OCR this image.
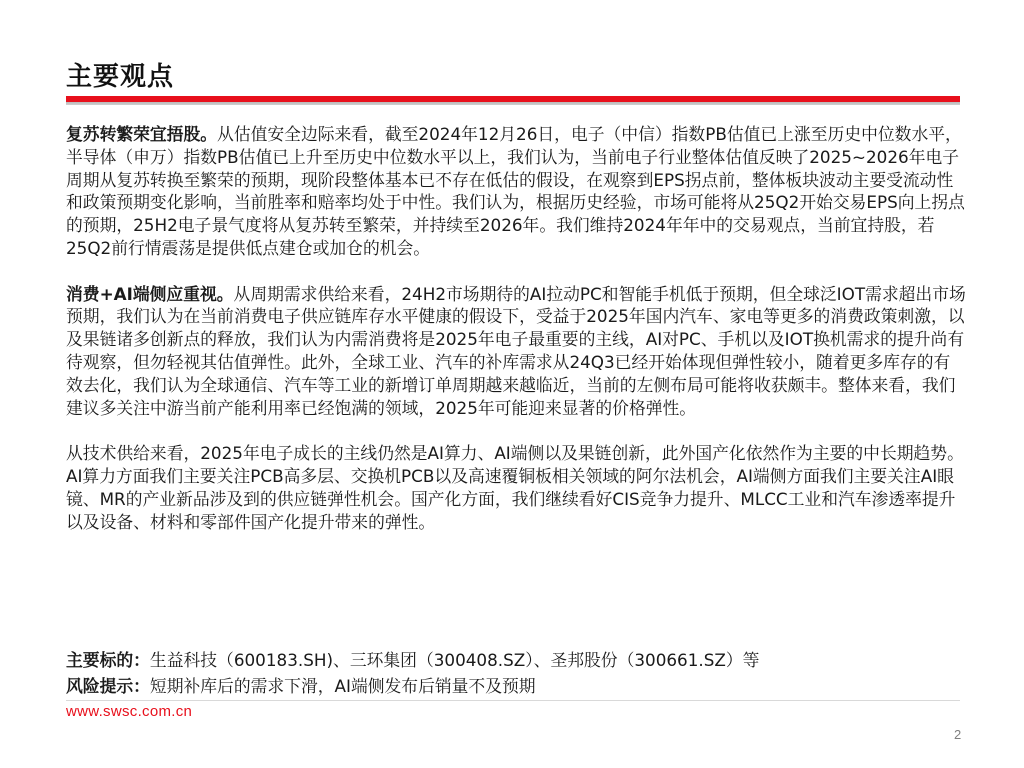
主要观点

复苏转繁荣宜捂股。从估值安全边际来看，截至2024年12月26日，电子（中信）指数PB估值已上涨至历史中位数水平，半导体（申万）指数PB估值已上升至历史中位数水平以上，我们认为，当前电子行业整体估值反映了2025~2026年电子周期从复苏转换至繁荣的预期，现阶段整体基本已不存在低估的假设，在观察到EPS拐点前，整体板块波动主要受流动性和政策预期变化影响，当前胜率和赔率均处于中性。我们认为，根据历史经验，市场可能将从25Q2开始交易EPS向上拐点的预期，25H2电子景气度将从复苏转至繁荣，并持续至2026年。我们维持2024年年中的交易观点，当前宜持股，若25Q2前行情震荡是提供低点建仓或加仓的机会。

消费+AI端侧应重视。从周期需求供给来看，24H2市场期待的AI拉动PC和智能手机低于预期，但全球泛IOT需求超出市场预期，我们认为在当前消费电子供应链库存水平健康的假设下，受益于2025年国内汽车、家电等更多的消费政策刺激，以及果链诸多创新点的释放，我们认为内需消费将是2025年电子最重要的主线，AI对PC、手机以及IOT换机需求的提升尚有待观察，但勿轻视其估值弹性。此外，全球工业、汽车的补库需求从24Q3已经开始体现但弹性较小，随着更多库存的有效去化，我们认为全球通信、汽车等工业的新增订单周期越来越临近，当前的左侧布局可能将收获颇丰。整体来看，我们建议多关注中游当前产能利用率已经饱满的领域，2025年可能迎来显著的价格弹性。

从技术供给来看，2025年电子成长的主线仍然是AI算力、AI端侧以及果链创新，此外国产化依然作为主要的中长期趋势。AI算力方面我们主要关注PCB高多层、交换机PCB以及高速覆铜板相关领域的阿尔法机会，AI端侧方面我们主要关注AI眼镜、MR的产业新品涉及到的供应链弹性机会。国产化方面，我们继续看好CIS竞争力提升、MLCC工业和汽车渗透率提升以及设备、材料和零部件国产化提升带来的弹性。

主要标的：生益科技（600183.SH)、三环集团（300408.SZ）、圣邦股份（300661.SZ）等
风险提示：短期补库后的需求下滑，AI端侧发布后销量不及预期
www.swsc.com.cn
2
